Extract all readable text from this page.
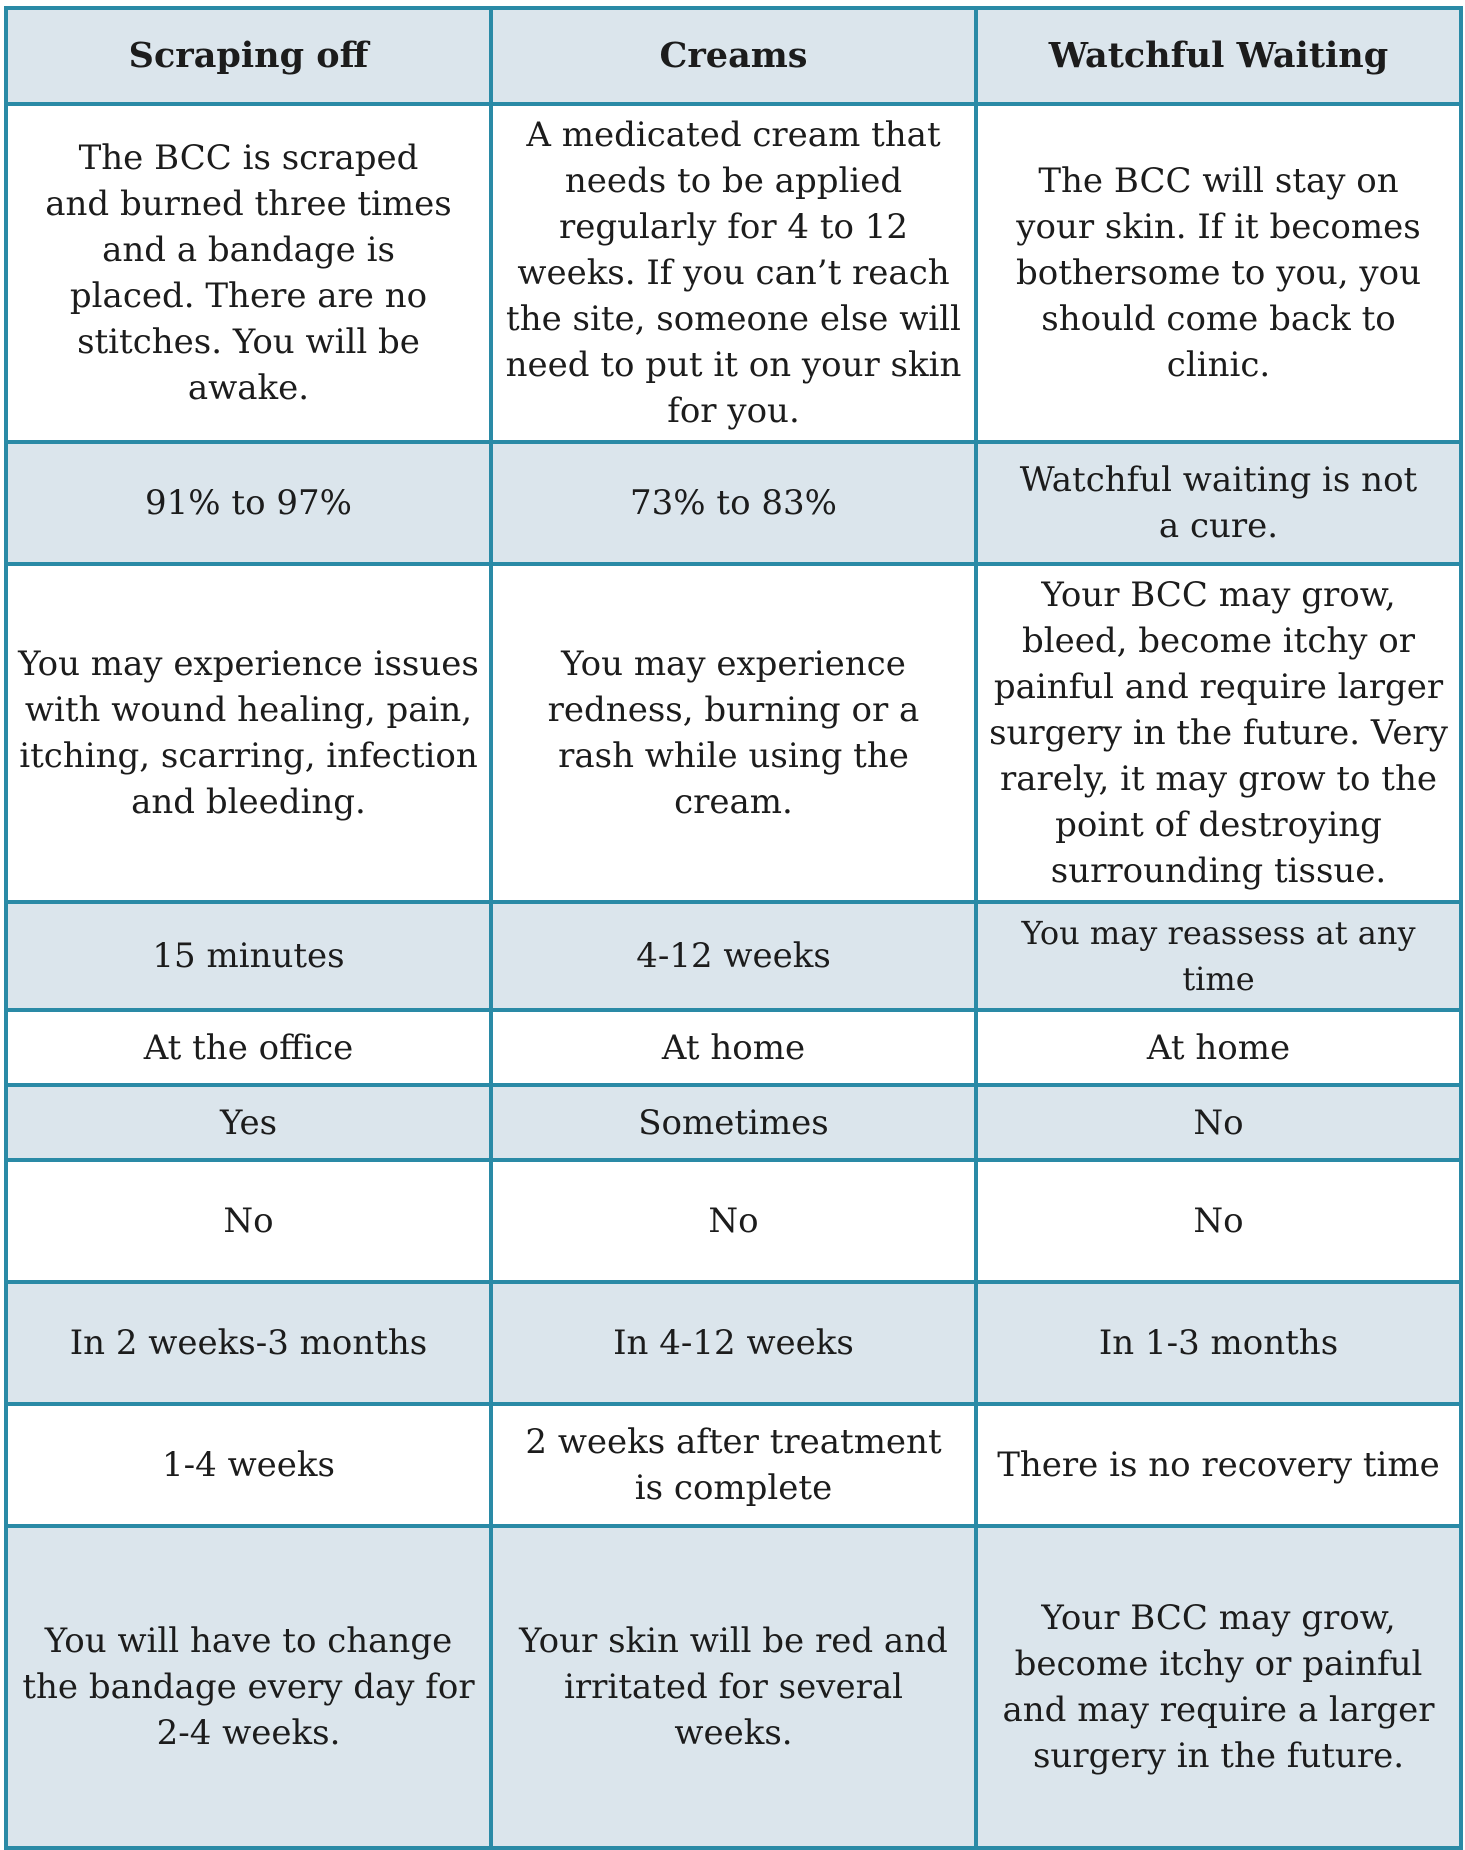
Scraping off	Creams	Watchful Waiting
The BCC is scraped and burned three times and a bandage is placed. There are no stitches. You will be awake.	A medicated cream that needs to be applied regularly for 4 to 12 weeks. If you can’t reach the site, someone else will need to put it on your skin for you.	The BCC will stay on your skin. If it becomes bothersome to you, you should come back to clinic.
91% to 97%	73% to 83%	Watchful waiting is not a cure.
You may experience issues with wound healing, pain, itching, scarring, infection and bleeding.	You may experience redness, burning or a rash while using the cream.	Your BCC may grow, bleed, become itchy or painful and require larger surgery in the future. Very rarely, it may grow to the point of destroying surrounding tissue.
15 minutes	4-12 weeks	You may reassess at any time
At the office	At home	At home
Yes	Sometimes	No
No	No	No
In 2 weeks-3 months	In 4-12 weeks	In 1-3 months
1-4 weeks	2 weeks after treatment is complete	There is no recovery time
You will have to change the bandage every day for 2-4 weeks.	Your skin will be red and irritated for several weeks.	Your BCC may grow, become itchy or painful and may require a larger surgery in the future.
